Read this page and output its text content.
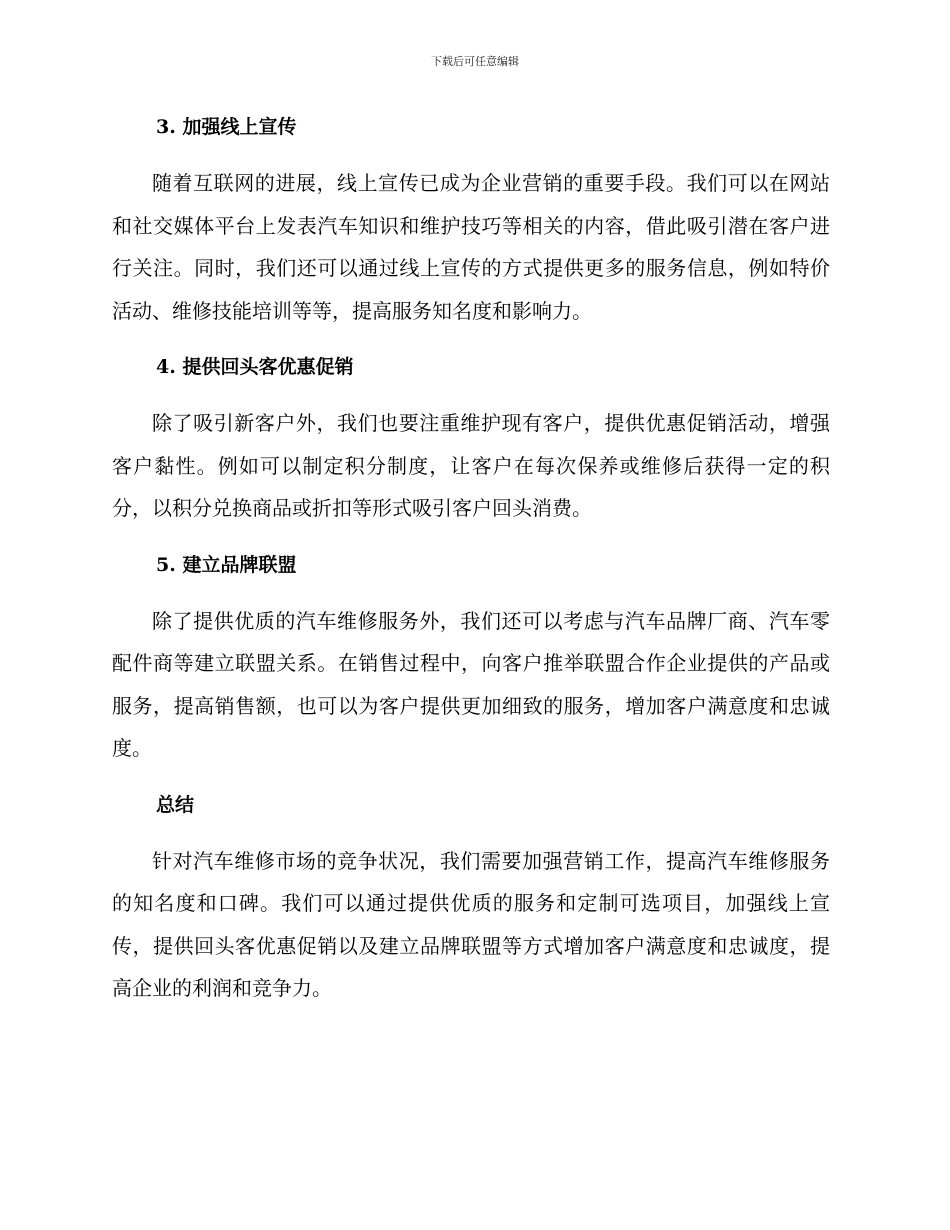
下载后可任意编辑
3. 加强线上宣传

随着互联网的进展，线上宣传已成为企业营销的重要手段。我们可以在网站和社交媒体平台上发表汽车知识和维护技巧等相关的内容，借此吸引潜在客户进行关注。同时，我们还可以通过线上宣传的方式提供更多的服务信息，例如特价活动、维修技能培训等等，提高服务知名度和影响力。

4. 提供回头客优惠促销

除了吸引新客户外，我们也要注重维护现有客户，提供优惠促销活动，增强客户黏性。例如可以制定积分制度，让客户在每次保养或维修后获得一定的积分，以积分兑换商品或折扣等形式吸引客户回头消费。

5. 建立品牌联盟

除了提供优质的汽车维修服务外，我们还可以考虑与汽车品牌厂商、汽车零配件商等建立联盟关系。在销售过程中，向客户推举联盟合作企业提供的产品或服务，提高销售额，也可以为客户提供更加细致的服务，增加客户满意度和忠诚度。

总结

针对汽车维修市场的竞争状况，我们需要加强营销工作，提高汽车维修服务的知名度和口碑。我们可以通过提供优质的服务和定制可选项目，加强线上宣传，提供回头客优惠促销以及建立品牌联盟等方式增加客户满意度和忠诚度，提高企业的利润和竞争力。
